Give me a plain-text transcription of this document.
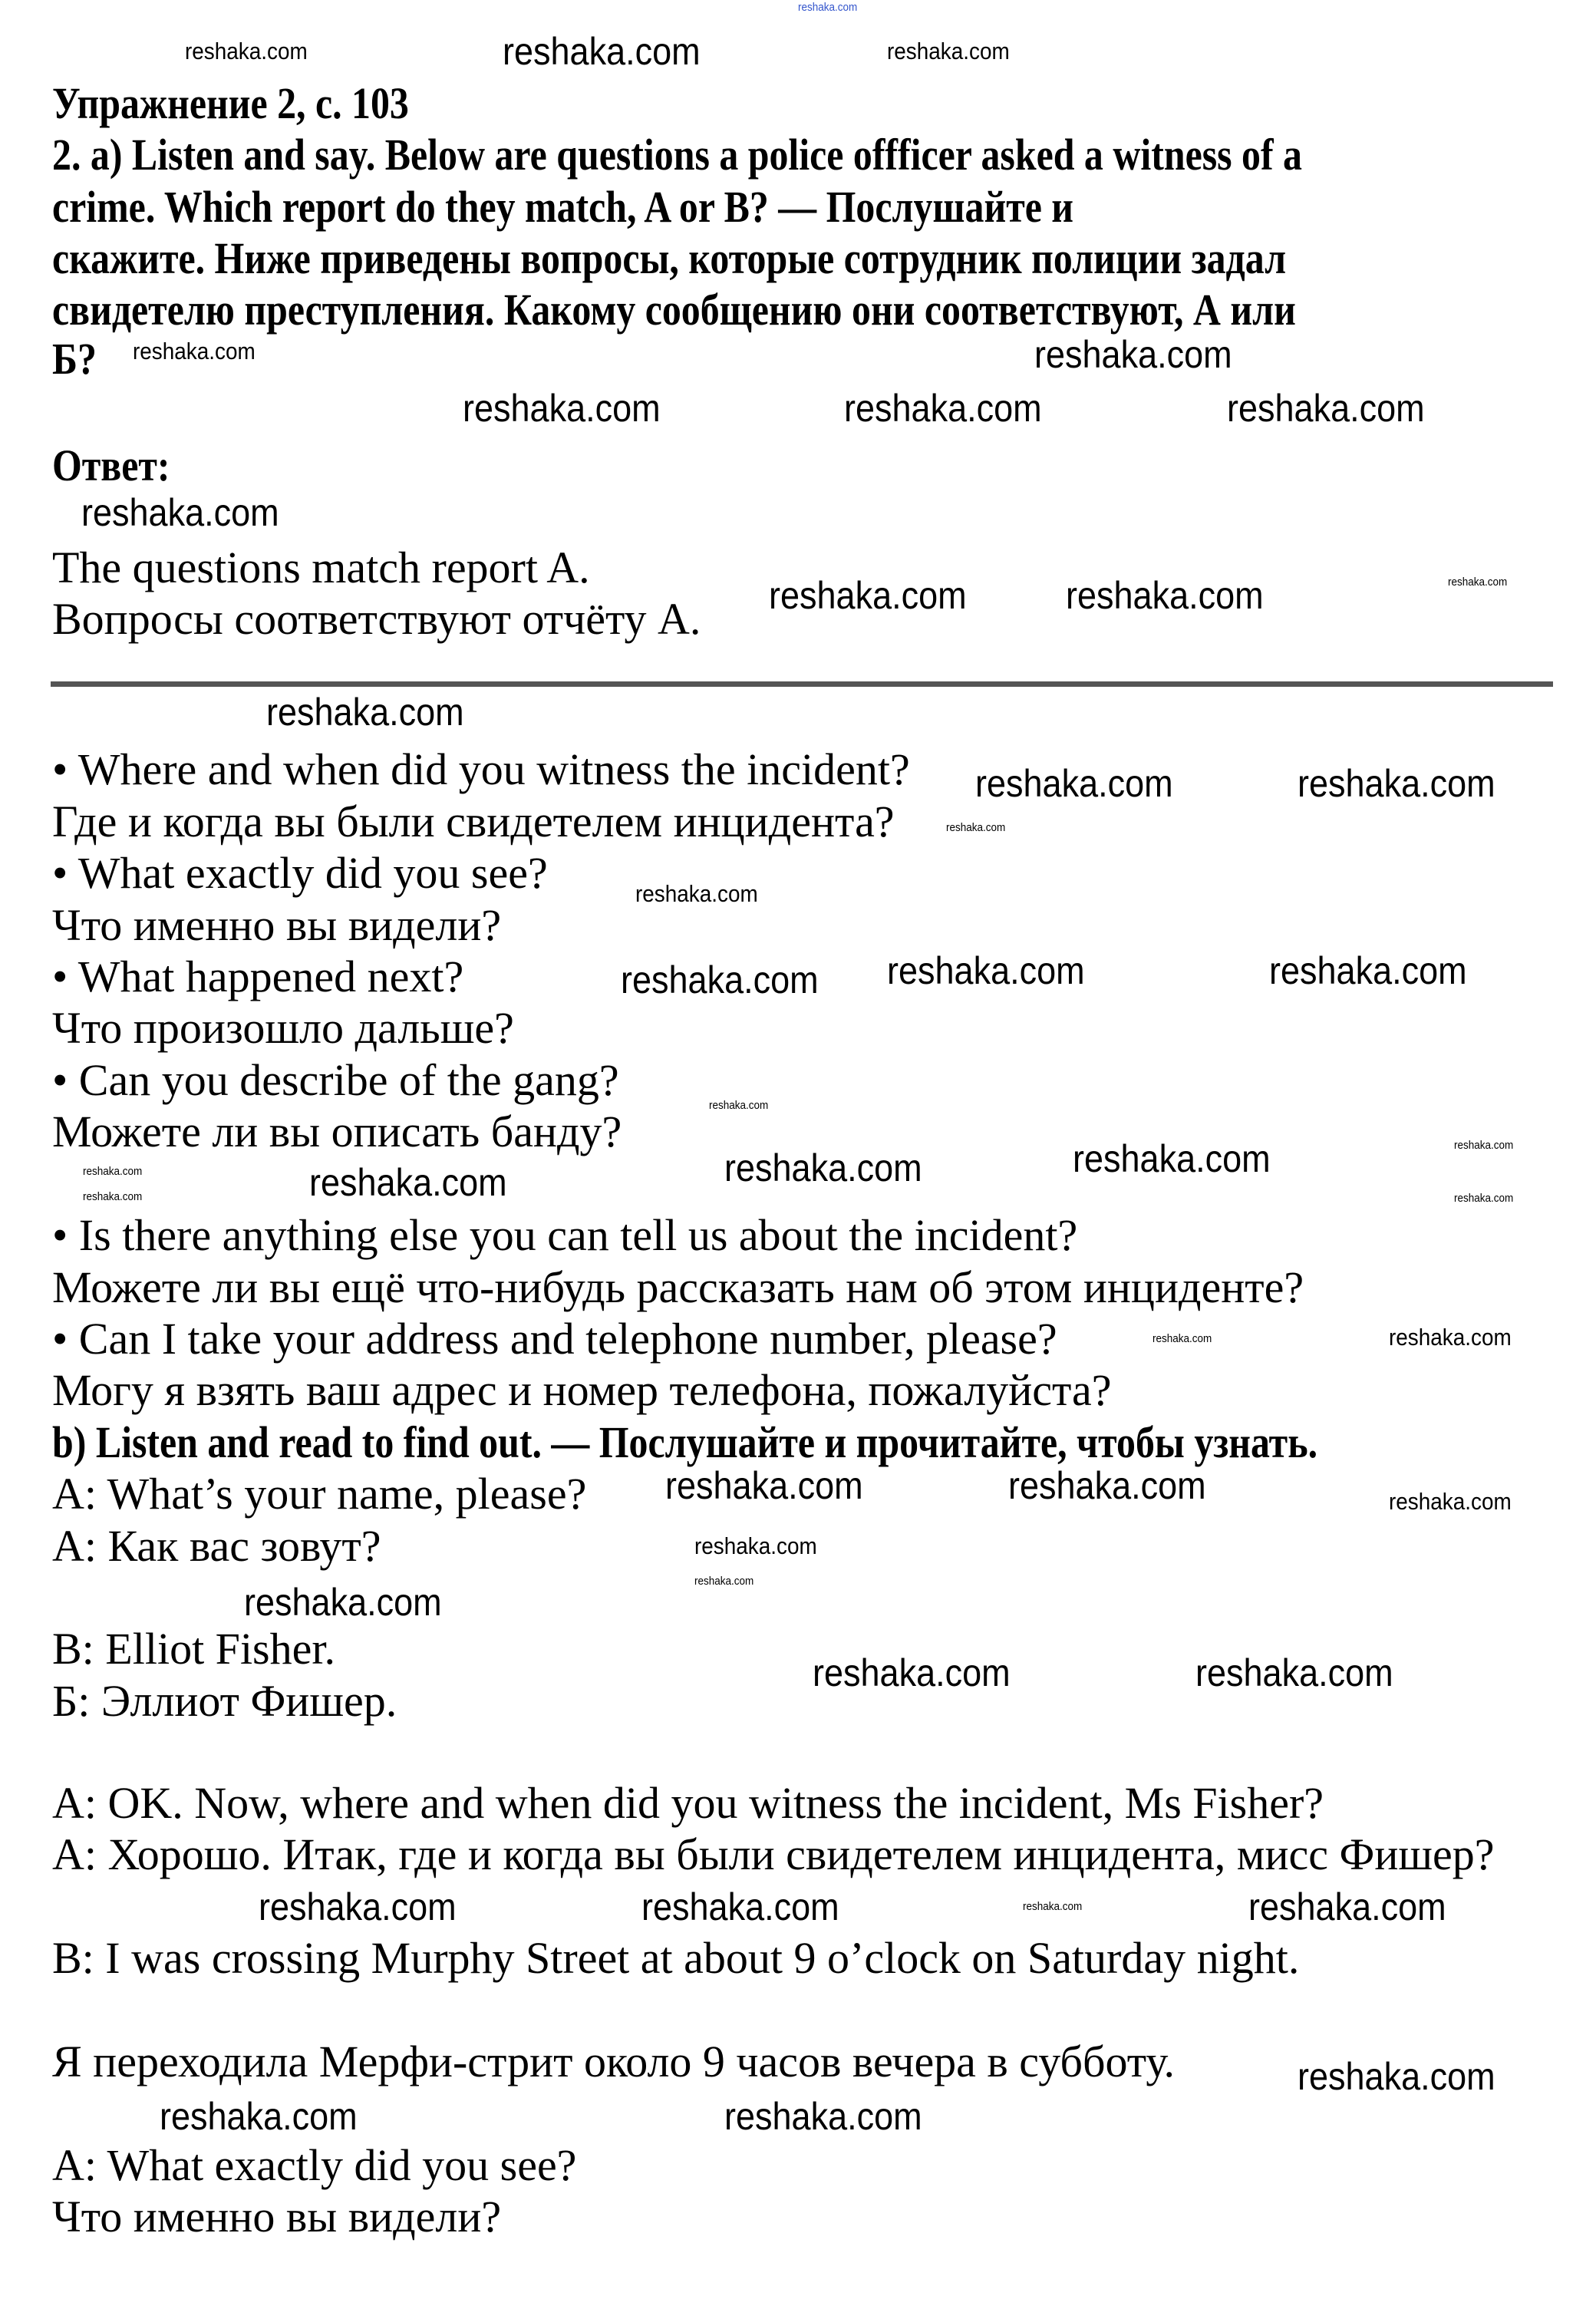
Упражнение 2, с. 103
2. a) Listen and say. Below are questions a police offficer asked a witness of a
crime. Which report do they match, A or B? — Послушайте и
скажите. Ниже приведены вопросы, которые сотрудник полиции задал
свидетелю преступления. Какому сообщению они соответствуют, А или
Б?
Ответ:
The questions match report A.
Вопросы соответствуют отчёту А.
• Where and when did you witness the incident?
Где и когда вы были свидетелем инцидента?
• What exactly did you see?
Что именно вы видели?
• What happened next?
Что произошло дальше?
• Can you describe of the gang?
Можете ли вы описать банду?
• Is there anything else you can tell us about the incident?
Можете ли вы ещё что-нибудь рассказать нам об этом инциденте?
• Can I take your address and telephone number, please?
Могу я взять ваш адрес и номер телефона, пожалуйста?
b) Listen and read to find out. — Послушайте и прочитайте, чтобы узнать.
A: What’s your name, please?
А: Как вас зовут?
B: Elliot Fisher.
Б: Эллиот Фишер.
A: OK. Now, where and when did you witness the incident, Ms Fisher?
А: Хорошо. Итак, где и когда вы были свидетелем инцидента, мисс Фишер?
B: I was crossing Murphy Street at about 9 o’clock on Saturday night.
Я переходила Мерфи-стрит около 9 часов вечера в субботу.
A: What exactly did you see?
Что именно вы видели?
reshaka.com
reshaka.com	reshaka.com	reshaka.com
reshaka.com
reshaka.com
reshaka.com	reshaka.com	reshaka.com
reshaka.com
reshaka.com	reshaka.com	reshaka.com
reshaka.com
reshaka.com	reshaka.com
reshaka.com
reshaka.com reshaka.com	reshaka.com
reshaka.com
reshaka.com
reshaka.com	reshaka.com	reshaka.com	reshaka.com
reshaka.com	reshaka.com	reshaka.com
reshaka.com	reshaka.com
reshaka.com
reshaka.com
reshaka.com	reshaka.com	reshaka.com
reshaka.com
reshaka.com	reshaka.com
reshaka.com	reshaka.com	reshaka.com	reshaka.com
reshaka.com	reshaka.com
reshaka.com
